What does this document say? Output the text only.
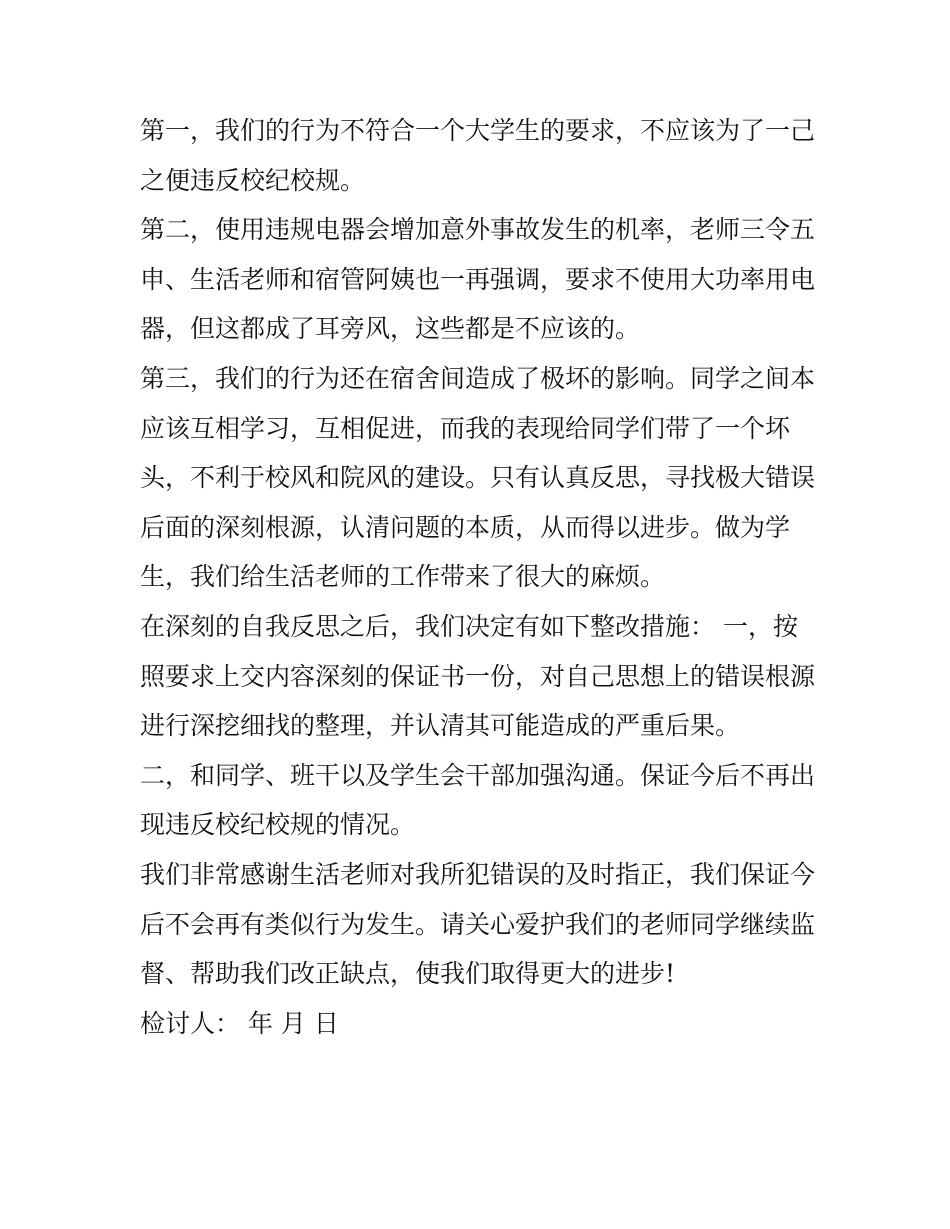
第一，我们的行为不符合一个大学生的要求，不应该为了一己
之便违反校纪校规。

第二，使用违规电器会增加意外事故发生的机率，老师三令五
申、生活老师和宿管阿姨也一再强调，要求不使用大功率用电
器，但这都成了耳旁风，这些都是不应该的。

第三，我们的行为还在宿舍间造成了极坏的影响。同学之间本
应该互相学习，互相促进，而我的表现给同学们带了一个坏
头，不利于校风和院风的建设。只有认真反思，寻找极大错误
后面的深刻根源，认清问题的本质，从而得以进步。做为学
生，我们给生活老师的工作带来了很大的麻烦。

在深刻的自我反思之后，我们决定有如下整改措施： 一，按
照要求上交内容深刻的保证书一份，对自己思想上的错误根源
进行深挖细找的整理，并认清其可能造成的严重后果。

二，和同学、班干以及学生会干部加强沟通。保证今后不再出
现违反校纪校规的情况。

我们非常感谢生活老师对我所犯错误的及时指正，我们保证今
后不会再有类似行为发生。请关心爱护我们的老师同学继续监
督、帮助我们改正缺点，使我们取得更大的进步!

检讨人： 年 月 日
